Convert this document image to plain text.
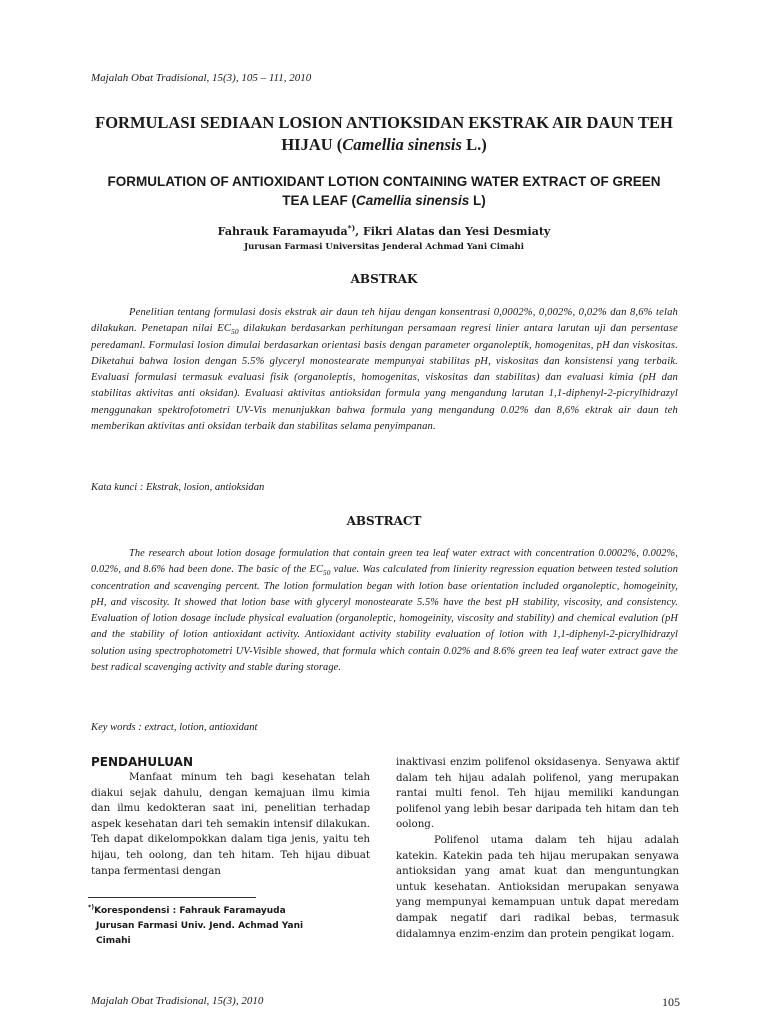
Majalah Obat Tradisional, 15(3), 105 – 111, 2010
FORMULASI SEDIAAN LOSION ANTIOKSIDAN EKSTRAK AIR DAUN TEH HIJAU (Camellia sinensis L.)
FORMULATION OF ANTIOXIDANT LOTION CONTAINING WATER EXTRACT OF GREEN TEA LEAF (Camellia sinensis L)
Fahrauk Faramayuda*), Fikri Alatas dan Yesi Desmiaty
Jurusan Farmasi Universitas Jenderal Achmad Yani Cimahi
ABSTRAK

Penelitian tentang formulasi dosis ekstrak air daun teh hijau dengan konsentrasi 0,0002%, 0,002%, 0,02% dan 8,6% telah dilakukan. Penetapan nilai $EC_{50}$ dilakukan berdasarkan perhitungan persamaan regresi linier antara larutan uji dan persentase peredamanl. Formulasi losion dimulai berdasarkan orientasi basis dengan parameter organoleptik, homogenitas, pH dan viskositas. Diketahui bahwa losion dengan 5.5% glyceryl monostearate mempunyai stabilitas pH, viskositas dan konsistensi yang terbaik. Evaluasi formulasi termasuk evaluasi fisik (organoleptis, homogenitas, viskositas dan stabilitas) dan evaluasi kimia (pH dan stabilitas aktivitas anti oksidan). Evaluasi aktivitas antioksidan formula yang mengandung larutan 1,1-diphenyl-2-picrylhidrazyl menggunakan spektrofotometri UV-Vis menunjukkan bahwa formula yang mengandung 0.02% dan 8,6% ektrak air daun teh memberikan aktivitas anti oksidan terbaik dan stabilitas selama penyimpanan.

Kata kunci : Ekstrak, losion, antioksidan
ABSTRACT

The research about lotion dosage formulation that contain green tea leaf water extract with concentration 0.0002%, 0.002%, 0.02%, and 8.6% had been done. The basic of the $EC_{50}$ value. Was calculated from linierity regression equation between tested solution concentration and scavenging percent. The lotion formulation began with lotion base orientation included organoleptic, homogeinity, pH, and viscosity. It showed that lotion base with glyceryl monostearate 5.5% have the best pH stability, viscosity, and consistency. Evaluation of lotion dosage include physical evaluation (organoleptic, homogeinity, viscosity and stability) and chemical evalution (pH and the stability of lotion antioxidant activity. Antioxidant activity stability evaluation of lotion with 1,1-diphenyl-2-picrylhidrazyl solution using spectrophotometri UV-Visible showed, that formula which contain 0.02% and 8.6% green tea leaf water extract gave the best radical scavenging activity and stable during storage.

Key words : extract, lotion, antioxidant
PENDAHULUAN

Manfaat minum teh bagi kesehatan telah diakui sejak dahulu, dengan kemajuan ilmu kimia dan ilmu kedokteran saat ini, penelitian terhadap aspek kesehatan dari teh semakin intensif dilakukan. Teh dapat dikelompokkan dalam tiga jenis, yaitu teh hijau, teh oolong, dan teh hitam. Teh hijau dibuat tanpa fermentasi dengan

inaktivasi enzim polifenol oksidasenya. Senyawa aktif dalam teh hijau adalah polifenol, yang merupakan rantai multi fenol. Teh hijau memiliki kandungan polifenol yang lebih besar daripada teh hitam dan teh oolong.

Polifenol utama dalam teh hijau adalah katekin. Katekin pada teh hijau merupakan senyawa antioksidan yang amat kuat dan menguntungkan untuk kesehatan. Antioksidan merupakan senyawa yang mempunyai kemampuan untuk dapat meredam dampak negatif dari radikal bebas, termasuk didalamnya enzim-enzim dan protein pengikat logam.

*)Korespondensi : Fahrauk Faramayuda
Jurusan Farmasi Univ. Jend. Achmad Yani
Cimahi
Majalah Obat Tradisional, 15(3), 2010	105
